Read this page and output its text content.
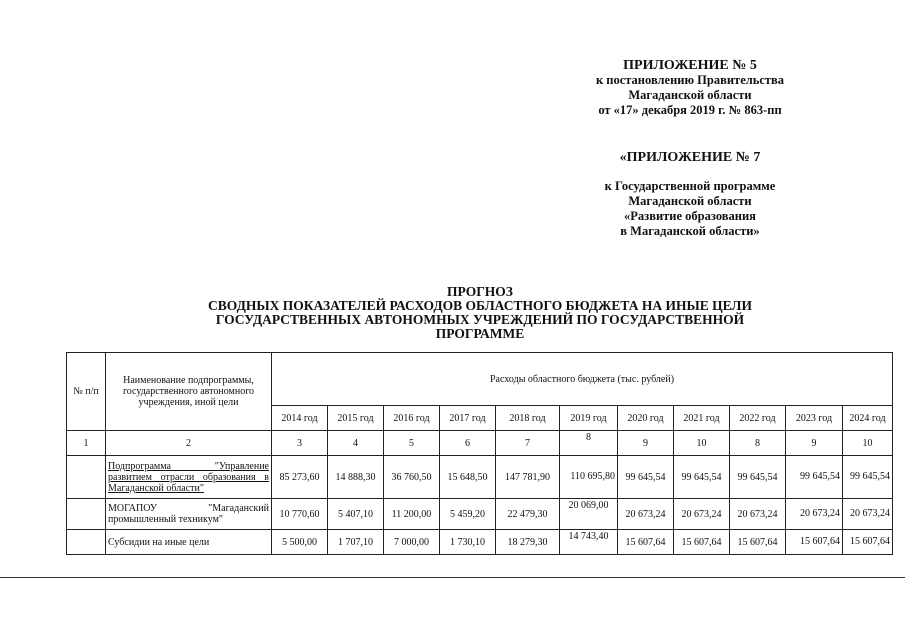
ПРИЛОЖЕНИЕ № 5
к постановлению Правительства
Магаданской области
от «17» декабря 2019 г. № 863-пп
«ПРИЛОЖЕНИЕ № 7
к Государственной программе
Магаданской области
«Развитие образования
в Магаданской области»
ПРОГНОЗ
СВОДНЫХ ПОКАЗАТЕЛЕЙ РАСХОДОВ ОБЛАСТНОГО БЮДЖЕТА НА ИНЫЕ ЦЕЛИ
ГОСУДАРСТВЕННЫХ АВТОНОМНЫХ УЧРЕЖДЕНИЙ ПО ГОСУДАРСТВЕННОЙ
ПРОГРАММЕ
№ п/п	Наименование подпрограммы, государственного автономного учреждения, иной цели	Расходы областного бюджета (тыс. рублей)										
		2014 год	2015 год	2016 год	2017 год	2018 год	2019 год	2020 год	2021 год	2022 год	2023 год	2024 год
1	2	3	4	5	6	7	8	9	10	8	9	10
	Подпрограмма "Управление развитием отрасли образования в Магаданской области"	85 273,60	14 888,30	36 760,50	15 648,50	147 781,90	110 695,80	99 645,54	99 645,54	99 645,54	99 645,54	99 645,54
	МОГАПОУ "Магаданский промышленный техникум"	10 770,60	5 407,10	11 200,00	5 459,20	22 479,30	20 069,00	20 673,24	20 673,24	20 673,24	20 673,24	20 673,24
	Субсидии на иные цели	5 500,00	1 707,10	7 000,00	1 730,10	18 279,30	14 743,40	15 607,64	15 607,64	15 607,64	15 607,64	15 607,64
